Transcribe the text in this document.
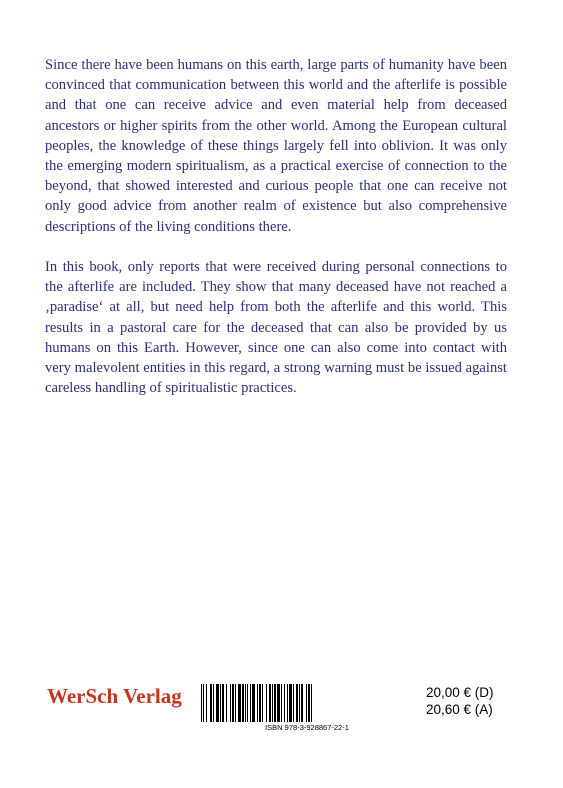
Since there have been humans on this earth, large parts of humanity have been convinced that communication between this world and the afterlife is possible and that one can receive advice and even material help from deceased ancestors or higher spirits from the other world. Among the European cultural peoples, the knowledge of these things largely fell into oblivion. It was only the emerging modern spiritualism, as a practical exercise of connection to the beyond, that showed interested and curious people that one can receive not only good advice from another realm of existence but also comprehensive descriptions of the living conditions there.

In this book, only reports that were received during personal connections to the afterlife are included. They show that many deceased have not reached a ‚paradise‘ at all, but need help from both the afterlife and this world. This results in a pastoral care for the deceased that can also be provided by us humans on this Earth. However, since one can also come into contact with very malevolent entities in this regard, a strong warning must be issued against careless handling of spiritualistic practices.

WerSch Verlag
ISBN 978-3-928867-22-1
20,00 € (D)
20,60 € (A)
